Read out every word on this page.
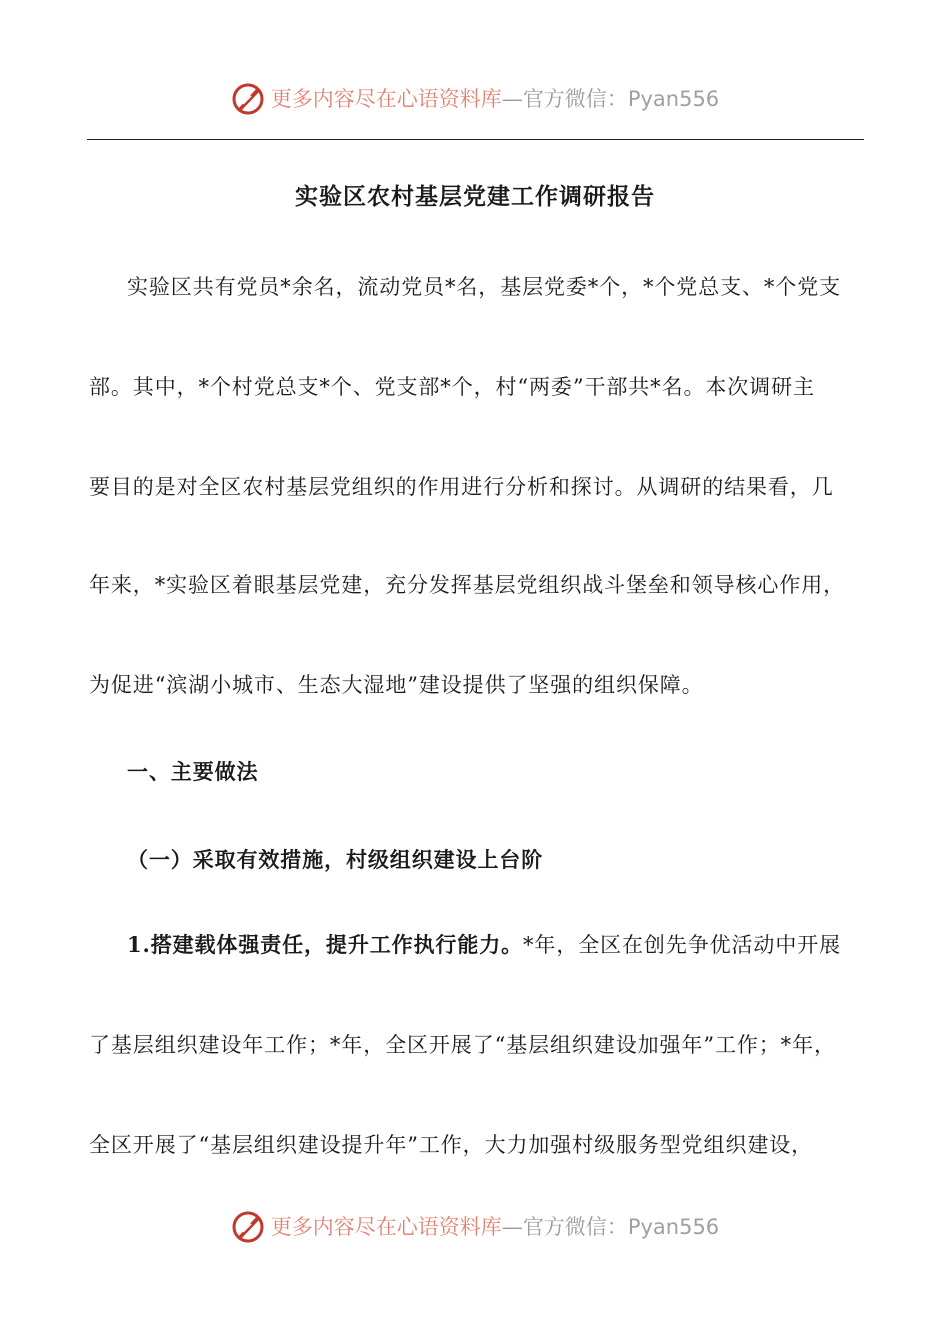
更多内容尽在心语资料库—官方微信：Pyan556
实验区农村基层党建工作调研报告
实验区共有党员*余名，流动党员*名，基层党委*个，*个党总支、*个党支
部。其中，*个村党总支*个、党支部*个，村“两委”干部共*名。本次调研主
要目的是对全区农村基层党组织的作用进行分析和探讨。从调研的结果看，几
年来，*实验区着眼基层党建，充分发挥基层党组织战斗堡垒和领导核心作用，
为促进“滨湖小城市、生态大湿地”建设提供了坚强的组织保障。
一、主要做法
（一）采取有效措施，村级组织建设上台阶
1.搭建载体强责任，提升工作执行能力。*年，全区在创先争优活动中开展
了基层组织建设年工作；*年，全区开展了“基层组织建设加强年”工作；*年，
全区开展了“基层组织建设提升年”工作，大力加强村级服务型党组织建设，
更多内容尽在心语资料库—官方微信：Pyan556
